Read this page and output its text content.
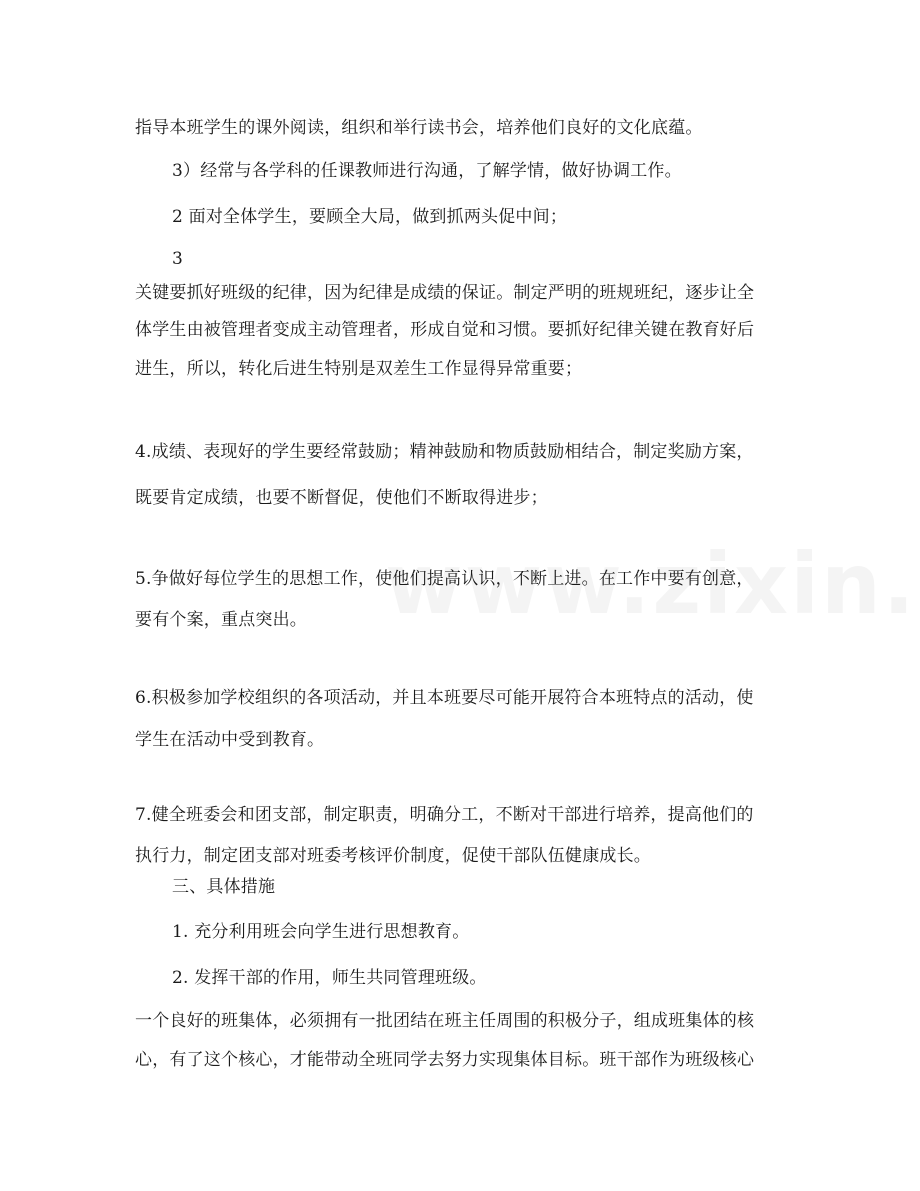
指导本班学生的课外阅读，组织和举行读书会，培养他们良好的文化底蕴。
3）经常与各学科的任课教师进行沟通，了解学情，做好协调工作。
2 面对全体学生，要顾全大局，做到抓两头促中间；
3
关键要抓好班级的纪律，因为纪律是成绩的保证。制定严明的班规班纪，逐步让全
体学生由被管理者变成主动管理者，形成自觉和习惯。要抓好纪律关键在教育好后
进生，所以，转化后进生特别是双差生工作显得异常重要；
4.成绩、表现好的学生要经常鼓励；精神鼓励和物质鼓励相结合，制定奖励方案，
既要肯定成绩，也要不断督促，使他们不断取得进步；
5.争做好每位学生的思想工作，使他们提高认识，不断上进。在工作中要有创意，
要有个案，重点突出。
6.积极参加学校组织的各项活动，并且本班要尽可能开展符合本班特点的活动，使
学生在活动中受到教育。
7.健全班委会和团支部，制定职责，明确分工，不断对干部进行培养，提高他们的
执行力，制定团支部对班委考核评价制度，促使干部队伍健康成长。
三、具体措施
1. 充分利用班会向学生进行思想教育。
2. 发挥干部的作用，师生共同管理班级。
一个良好的班集体，必须拥有一批团结在班主任周围的积极分子，组成班集体的核
心，有了这个核心，才能带动全班同学去努力实现集体目标。班干部作为班级核心
